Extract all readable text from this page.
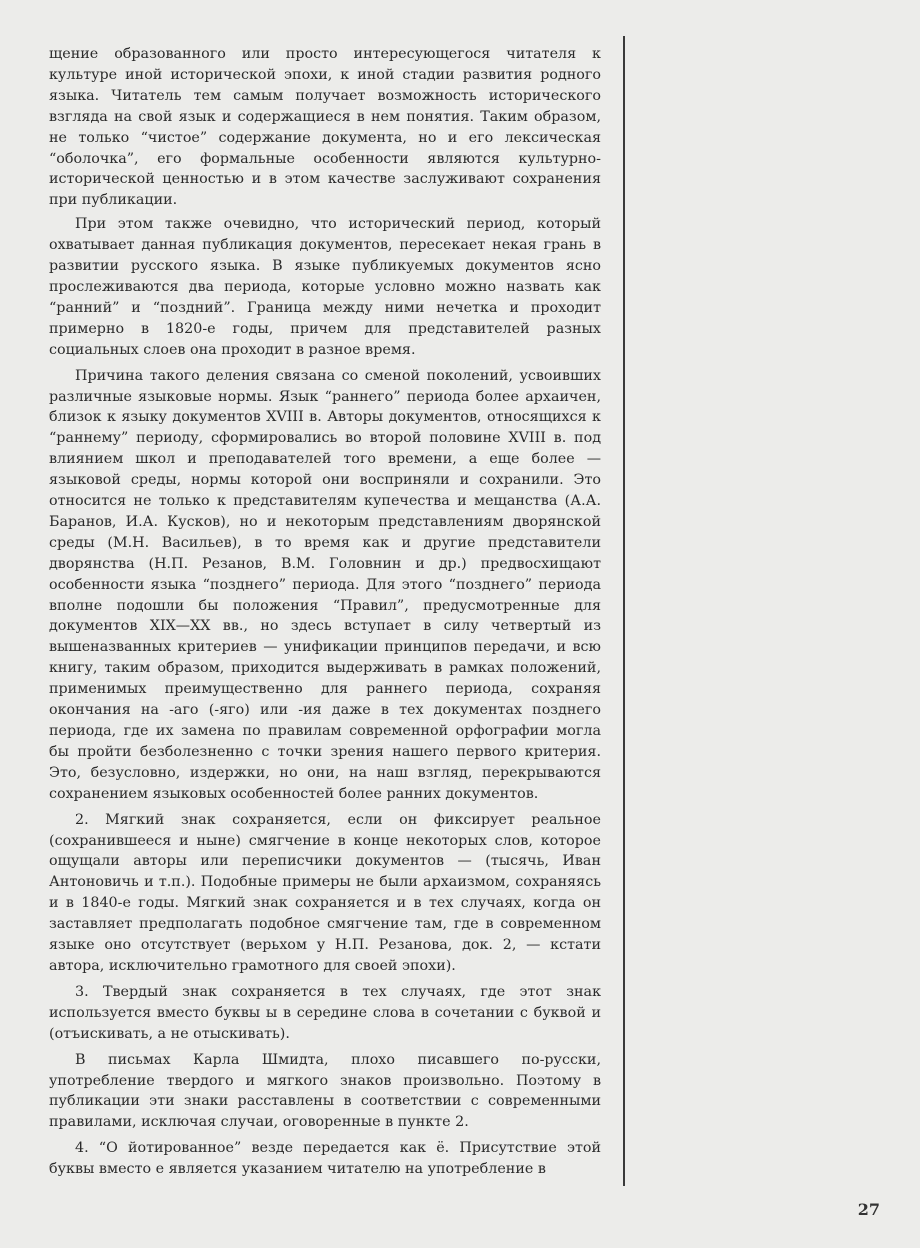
щение образованного или просто интересующегося читателя к культуре иной исторической эпохи, к иной стадии развития родного языка. Читатель тем самым получает возможность исторического взгляда на свой язык и содержащиеся в нем понятия. Таким образом, не только “чистое” содержание документа, но и его лексическая “оболочка”, его формальные особенности являются культурно-исторической ценностью и в этом качестве заслуживают сохранения при публикации.

При этом также очевидно, что исторический период, который охватывает данная публикация документов, пересекает некая грань в развитии русского языка. В языке публикуемых документов ясно прослеживаются два периода, которые условно можно назвать как “ранний” и “поздний”. Граница между ними нечетка и проходит примерно в 1820-е годы, причем для представителей разных социальных слоев она проходит в разное время.

Причина такого деления связана со сменой поколений, усвоивших различные языковые нормы. Язык “раннего” периода более архаичен, близок к языку документов XVIII в. Авторы документов, относящихся к “раннему” периоду, сформировались во второй половине XVIII в. под влиянием школ и преподавателей того времени, а еще более — языковой среды, нормы которой они восприняли и сохранили. Это относится не только к представителям купечества и мещанства (А.А. Баранов, И.А. Кусков), но и некоторым представлениям дворянской среды (М.Н. Васильев), в то время как и другие представители дворянства (Н.П. Резанов, В.М. Головнин и др.) предвосхищают особенности языка “позднего” периода. Для этого “позднего” периода вполне подошли бы положения “Правил”, предусмотренные для документов XIX—XX вв., но здесь вступает в силу четвертый из вышеназванных критериев — унификации принципов передачи, и всю книгу, таким образом, приходится выдерживать в рамках положений, применимых преимущественно для раннего периода, сохраняя окончания на -аго (-яго) или -ия даже в тех документах позднего периода, где их замена по правилам современной орфографии могла бы пройти безболезненно с точки зрения нашего первого критерия. Это, безусловно, издержки, но они, на наш взгляд, перекрываются сохранением языковых особенностей более ранних документов.

2. Мягкий знак сохраняется, если он фиксирует реальное (сохранившееся и ныне) смягчение в конце некоторых слов, которое ощущали авторы или переписчики документов — (тысячь, Иван Антоновичь и т.п.). Подобные примеры не были архаизмом, сохраняясь и в 1840-е годы. Мягкий знак сохраняется и в тех случаях, когда он заставляет предполагать подобное смягчение там, где в современном языке оно отсутствует (верьхом у Н.П. Резанова, док. 2, — кстати автора, исключительно грамотного для своей эпохи).

3. Твердый знак сохраняется в тех случаях, где этот знак используется вместо буквы ы в середине слова в сочетании с буквой и (отъискивать, а не отыскивать).

В письмах Карла Шмидта, плохо писавшего по-русски, употребление твердого и мягкого знаков произвольно. Поэтому в публикации эти знаки расставлены в соответствии с современными правилами, исключая случаи, оговоренные в пункте 2.

4. “О йотированное” везде передается как ё. Присутствие этой буквы вместо е является указанием читателю на употребление в

27
